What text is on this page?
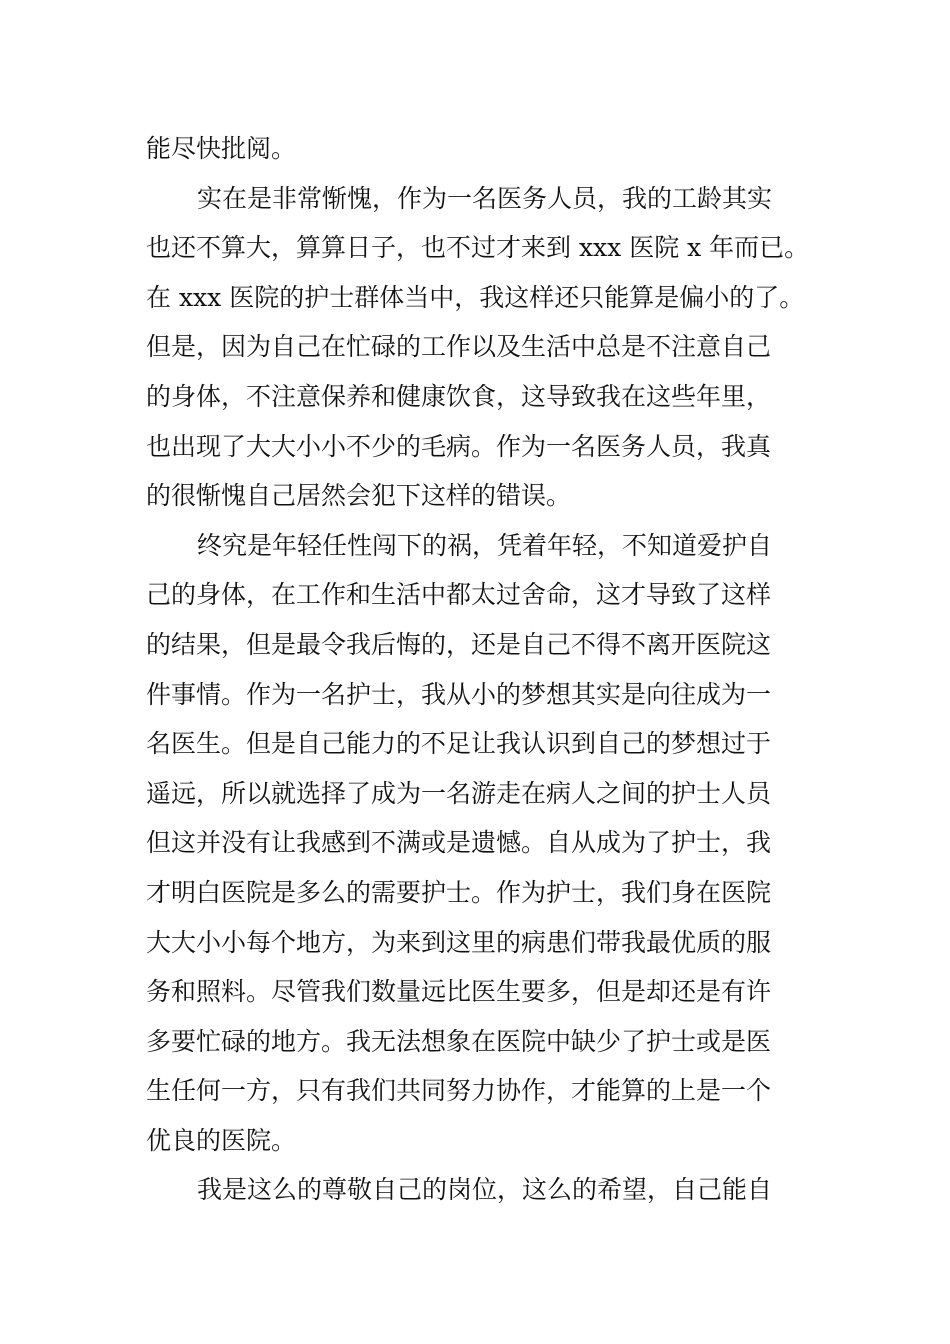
能尽快批阅。
实在是非常惭愧，作为一名医务人员，我的工龄其实
也还不算大，算算日子，也不过才来到 xxx 医院 x 年而已。
在 xxx 医院的护士群体当中，我这样还只能算是偏小的了。
但是，因为自己在忙碌的工作以及生活中总是不注意自己
的身体，不注意保养和健康饮食，这导致我在这些年里，
也出现了大大小小不少的毛病。作为一名医务人员，我真
的很惭愧自己居然会犯下这样的错误。
终究是年轻任性闯下的祸，凭着年轻，不知道爱护自
己的身体，在工作和生活中都太过舍命，这才导致了这样
的结果，但是最令我后悔的，还是自己不得不离开医院这
件事情。作为一名护士，我从小的梦想其实是向往成为一
名医生。但是自己能力的不足让我认识到自己的梦想过于
遥远，所以就选择了成为一名游走在病人之间的护士人员
但这并没有让我感到不满或是遗憾。自从成为了护士，我
才明白医院是多么的需要护士。作为护士，我们身在医院
大大小小每个地方，为来到这里的病患们带我最优质的服
务和照料。尽管我们数量远比医生要多，但是却还是有许
多要忙碌的地方。我无法想象在医院中缺少了护士或是医
生任何一方，只有我们共同努力协作，才能算的上是一个
优良的医院。
我是这么的尊敬自己的岗位，这么的希望，自己能自
